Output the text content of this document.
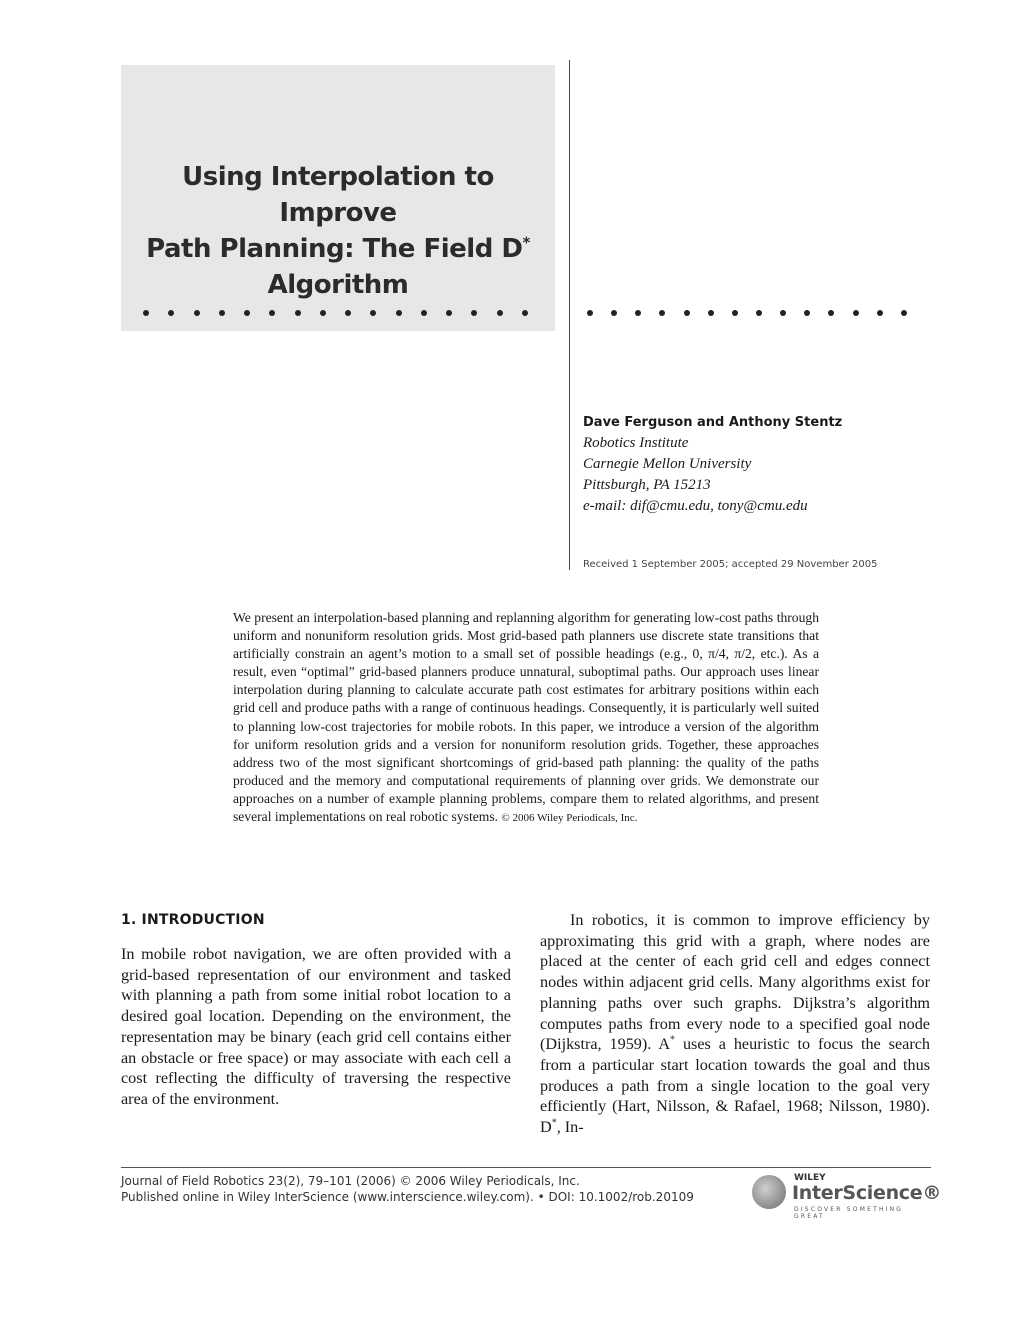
Using Interpolation to Improve
Path Planning: The Field D*
Algorithm
Dave Ferguson and Anthony Stentz
Robotics Institute
Carnegie Mellon University
Pittsburgh, PA 15213
e-mail: dif@cmu.edu, tony@cmu.edu
Received 1 September 2005; accepted 29 November 2005
We present an interpolation-based planning and replanning algorithm for generating low-cost paths through uniform and nonuniform resolution grids. Most grid-based path planners use discrete state transitions that artificially constrain an agent’s motion to a small set of possible headings (e.g., 0, π/4, π/2, etc.). As a result, even “optimal” grid-based planners produce unnatural, suboptimal paths. Our approach uses linear interpolation during planning to calculate accurate path cost estimates for arbitrary positions within each grid cell and produce paths with a range of continuous headings. Consequently, it is particularly well suited to planning low-cost trajectories for mobile robots. In this paper, we introduce a version of the algorithm for uniform resolution grids and a version for nonuniform resolution grids. Together, these approaches address two of the most significant shortcomings of grid-based path planning: the quality of the paths produced and the memory and computational requirements of planning over grids. We demonstrate our approaches on a number of example planning problems, compare them to related algorithms, and present several implementations on real robotic systems. © 2006 Wiley Periodicals, Inc.
1. INTRODUCTION

In mobile robot navigation, we are often provided with a grid-based representation of our environment and tasked with planning a path from some initial robot location to a desired goal location. Depending on the environment, the representation may be binary (each grid cell contains either an obstacle or free space) or may associate with each cell a cost reflecting the difficulty of traversing the respective area of the environment.

In robotics, it is common to improve efficiency by approximating this grid with a graph, where nodes are placed at the center of each grid cell and edges connect nodes within adjacent grid cells. Many algorithms exist for planning paths over such graphs. Dijkstra’s algorithm computes paths from every node to a specified goal node (Dijkstra, 1959). A* uses a heuristic to focus the search from a particular start location towards the goal and thus produces a path from a single location to the goal very efficiently (Hart, Nilsson, & Rafael, 1968; Nilsson, 1980). D*, In-

Journal of Field Robotics 23(2), 79–101 (2006) © 2006 Wiley Periodicals, Inc.
Published online in Wiley InterScience (www.interscience.wiley.com). • DOI: 10.1002/rob.20109
WILEY
InterScience®
DISCOVER SOMETHING GREAT
